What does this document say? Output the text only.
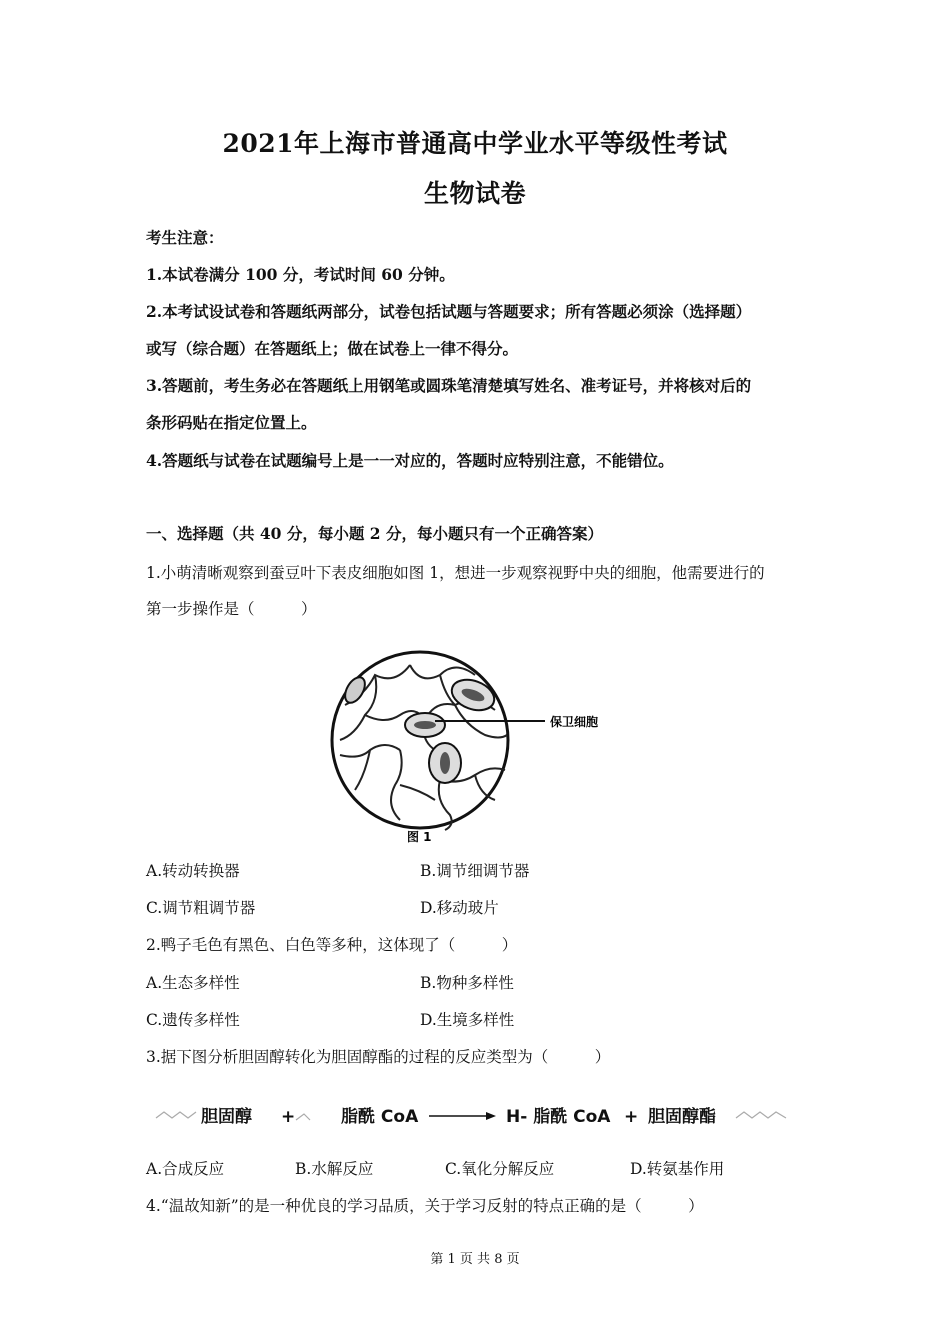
2021年上海市普通高中学业水平等级性考试
生物试卷
考生注意：
1.本试卷满分 100 分，考试时间 60 分钟。
2.本考试设试卷和答题纸两部分，试卷包括试题与答题要求；所有答题必须涂（选择题）
或写（综合题）在答题纸上；做在试卷上一律不得分。
3.答题前，考生务必在答题纸上用钢笔或圆珠笔清楚填写姓名、准考证号，并将核对后的
条形码贴在指定位置上。
4.答题纸与试卷在试题编号上是一一对应的，答题时应特别注意，不能错位。
一、选择题（共 40 分，每小题 2 分，每小题只有一个正确答案）
1.小萌清晰观察到蚕豆叶下表皮细胞如图 1，想进一步观察视野中央的细胞，他需要进行的
第一步操作是（　　　）
保卫细胞
图 1
A.转动转换器	B.调节细调节器
C.调节粗调节器	D.移动玻片
2.鸭子毛色有黑色、白色等多种，这体现了（　　　）
A.生态多样性	B.物种多样性
C.遗传多样性	D.生境多样性
3.据下图分析胆固醇转化为胆固醇酯的过程的反应类型为（　　　）
胆固醇 +	脂酰 CoA	H- 脂酰 CoA + 胆固醇酯
A.合成反应	B.水解反应	C.氧化分解反应	D.转氨基作用
4.“温故知新”的是一种优良的学习品质，关于学习反射的特点正确的是（　　　）
第 1 页 共 8 页
